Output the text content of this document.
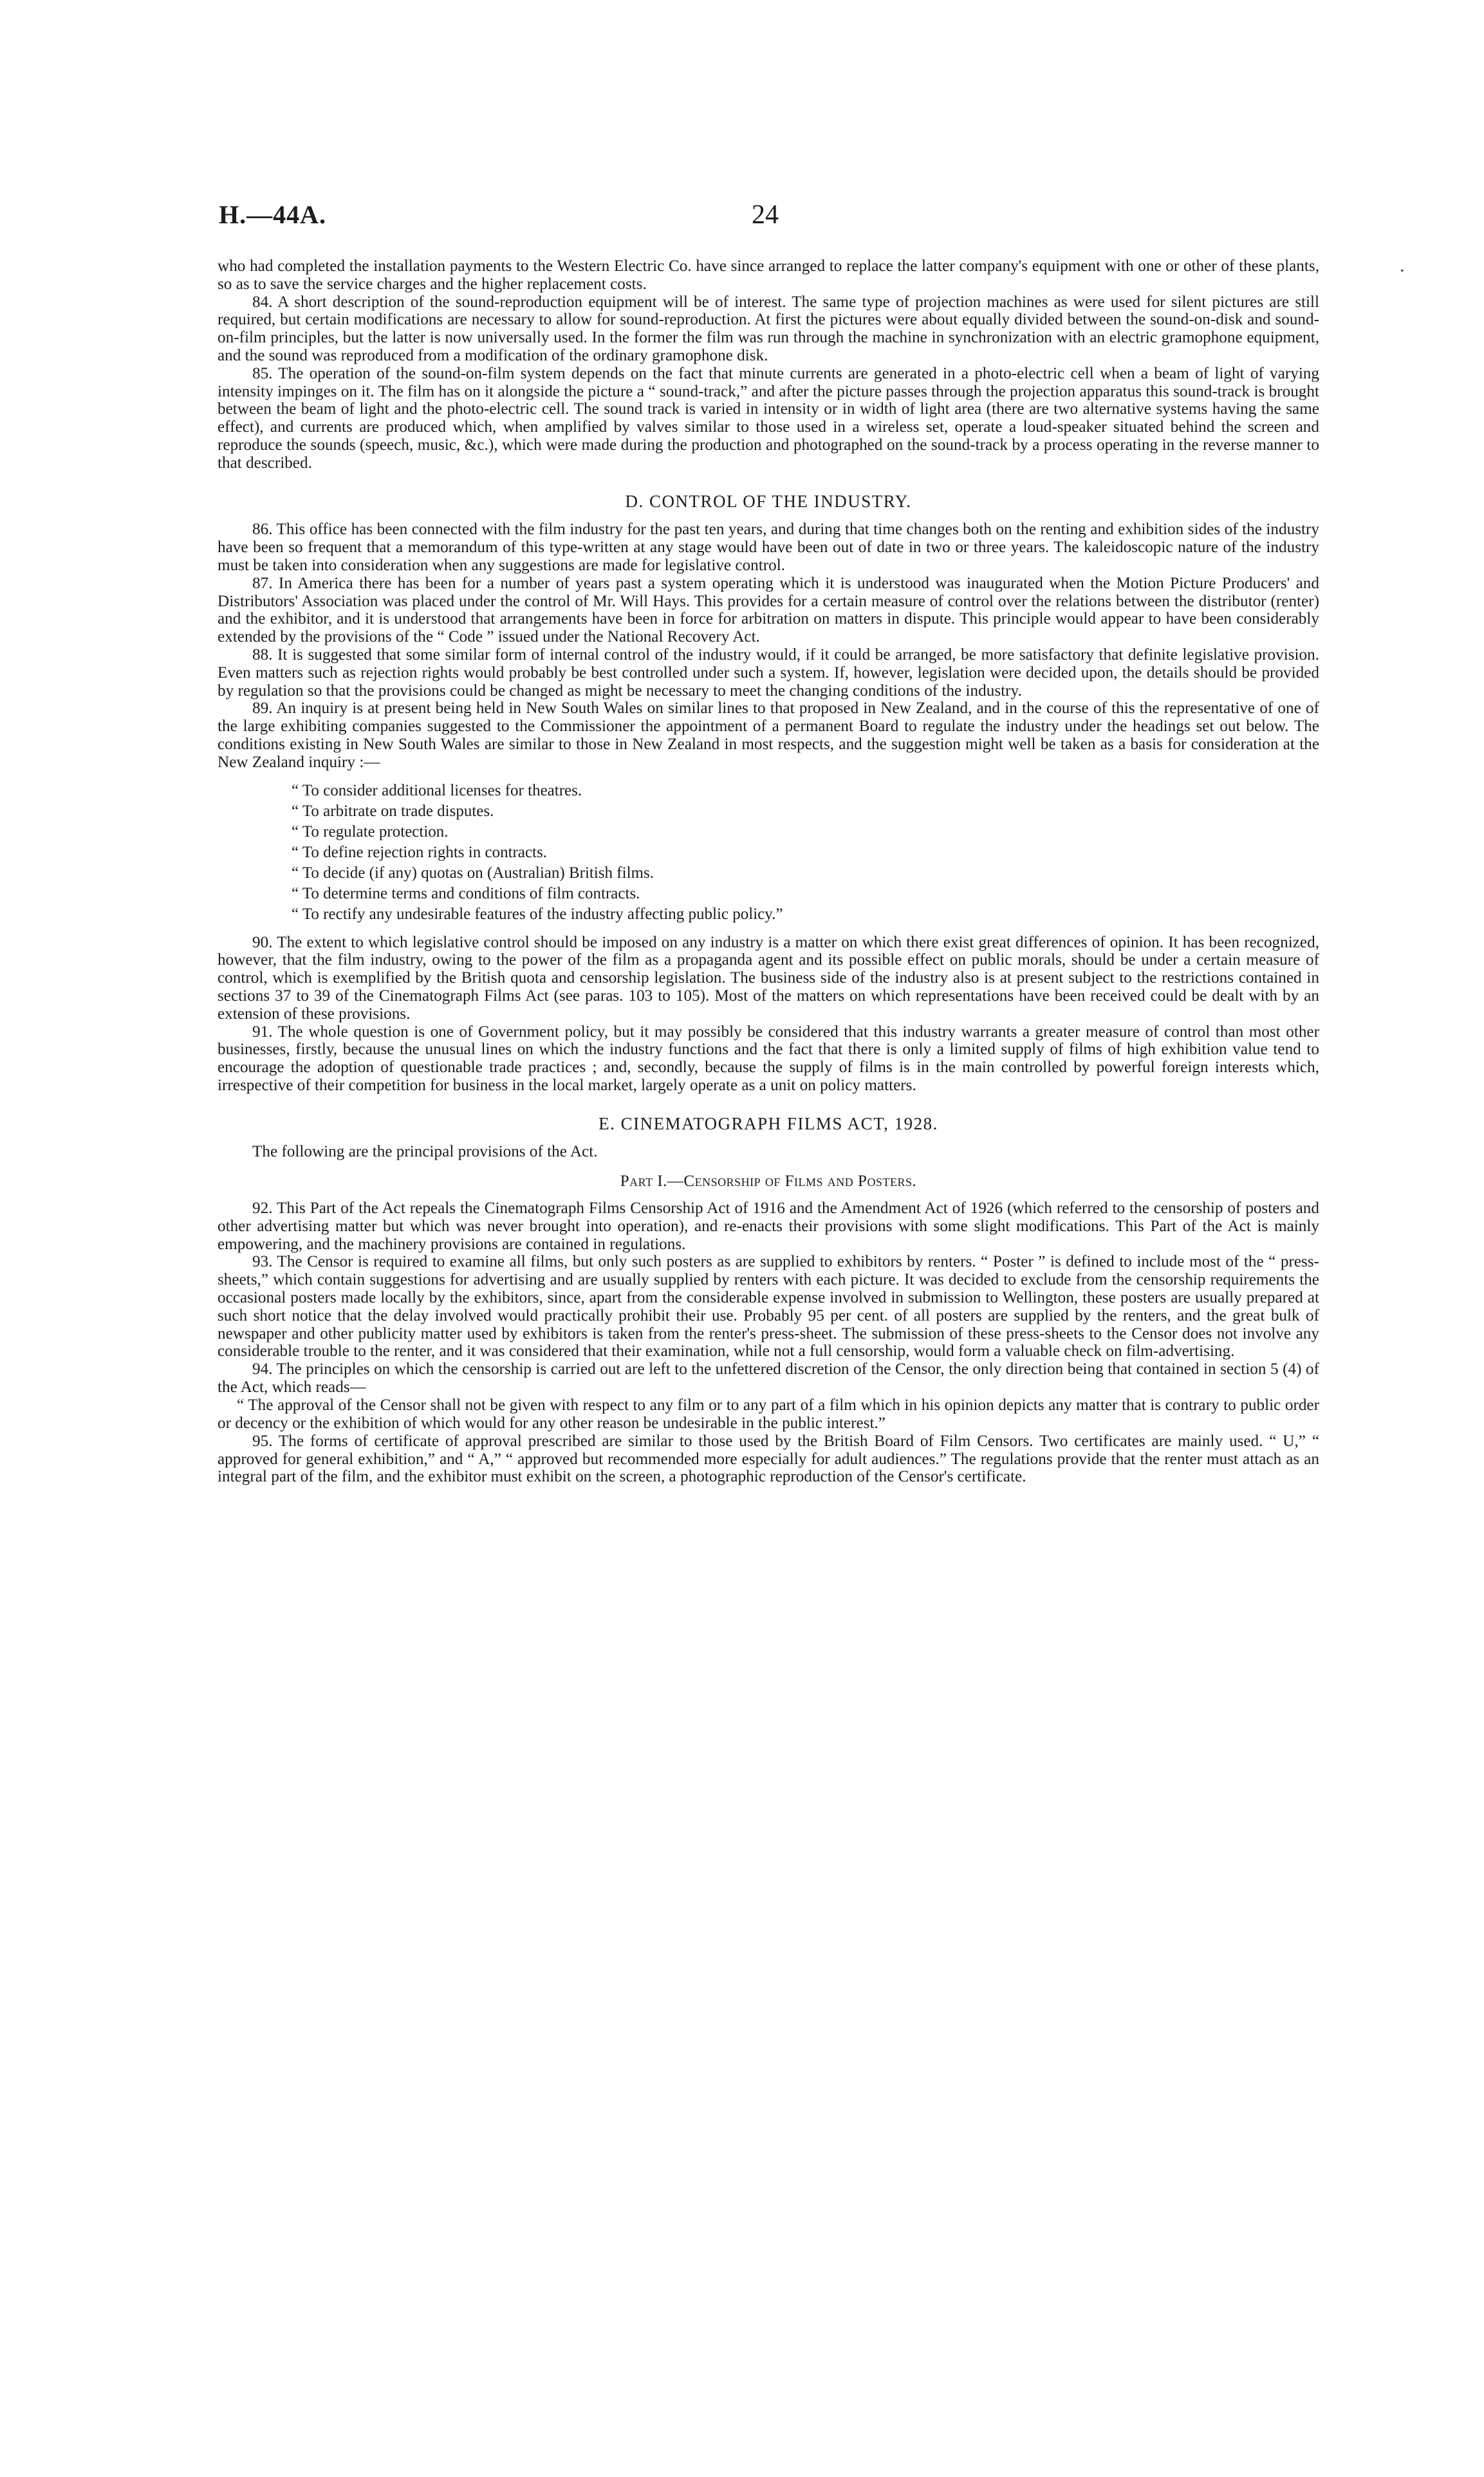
H.—44A.	24
•

who had completed the installation payments to the Western Electric Co. have since arranged to replace the latter company's equipment with one or other of these plants, so as to save the service charges and the higher replacement costs.

84. A short description of the sound-reproduction equipment will be of interest. The same type of projection machines as were used for silent pictures are still required, but certain modifications are necessary to allow for sound-reproduction. At first the pictures were about equally divided between the sound-on-disk and sound-on-film principles, but the latter is now universally used. In the former the film was run through the machine in synchronization with an electric gramophone equipment, and the sound was reproduced from a modification of the ordinary gramophone disk.

85. The operation of the sound-on-film system depends on the fact that minute currents are generated in a photo-electric cell when a beam of light of varying intensity impinges on it. The film has on it alongside the picture a “ sound-track,” and after the picture passes through the projection apparatus this sound-track is brought between the beam of light and the photo-electric cell. The sound track is varied in intensity or in width of light area (there are two alternative systems having the same effect), and currents are produced which, when amplified by valves similar to those used in a wireless set, operate a loud-speaker situated behind the screen and reproduce the sounds (speech, music, &c.), which were made during the production and photographed on the sound-track by a process operating in the reverse manner to that described.

D. CONTROL OF THE INDUSTRY.

86. This office has been connected with the film industry for the past ten years, and during that time changes both on the renting and exhibition sides of the industry have been so frequent that a memorandum of this type-written at any stage would have been out of date in two or three years. The kaleidoscopic nature of the industry must be taken into consideration when any suggestions are made for legislative control.

87. In America there has been for a number of years past a system operating which it is understood was inaugurated when the Motion Picture Producers' and Distributors' Association was placed under the control of Mr. Will Hays. This provides for a certain measure of control over the relations between the distributor (renter) and the exhibitor, and it is understood that arrangements have been in force for arbitration on matters in dispute. This principle would appear to have been considerably extended by the provisions of the “ Code ” issued under the National Recovery Act.

88. It is suggested that some similar form of internal control of the industry would, if it could be arranged, be more satisfactory that definite legislative provision. Even matters such as rejection rights would probably be best controlled under such a system. If, however, legislation were decided upon, the details should be provided by regulation so that the provisions could be changed as might be necessary to meet the changing conditions of the industry.

89. An inquiry is at present being held in New South Wales on similar lines to that proposed in New Zealand, and in the course of this the representative of one of the large exhibiting companies suggested to the Commissioner the appointment of a permanent Board to regulate the industry under the headings set out below. The conditions existing in New South Wales are similar to those in New Zealand in most respects, and the suggestion might well be taken as a basis for consideration at the New Zealand inquiry :—

“ To consider additional licenses for theatres.
“ To arbitrate on trade disputes.
“ To regulate protection.
“ To define rejection rights in contracts.
“ To decide (if any) quotas on (Australian) British films.
“ To determine terms and conditions of film contracts.
“ To rectify any undesirable features of the industry affecting public policy.”

90. The extent to which legislative control should be imposed on any industry is a matter on which there exist great differences of opinion. It has been recognized, however, that the film industry, owing to the power of the film as a propaganda agent and its possible effect on public morals, should be under a certain measure of control, which is exemplified by the British quota and censorship legislation. The business side of the industry also is at present subject to the restrictions contained in sections 37 to 39 of the Cinematograph Films Act (see paras. 103 to 105). Most of the matters on which representations have been received could be dealt with by an extension of these provisions.

91. The whole question is one of Government policy, but it may possibly be considered that this industry warrants a greater measure of control than most other businesses, firstly, because the unusual lines on which the industry functions and the fact that there is only a limited supply of films of high exhibition value tend to encourage the adoption of questionable trade practices ; and, secondly, because the supply of films is in the main controlled by powerful foreign interests which, irrespective of their competition for business in the local market, largely operate as a unit on policy matters.

E. CINEMATOGRAPH FILMS ACT, 1928.

The following are the principal provisions of the Act.

Part I.—Censorship of Films and Posters.

92. This Part of the Act repeals the Cinematograph Films Censorship Act of 1916 and the Amendment Act of 1926 (which referred to the censorship of posters and other advertising matter but which was never brought into operation), and re-enacts their provisions with some slight modifications. This Part of the Act is mainly empowering, and the machinery provisions are contained in regulations.

93. The Censor is required to examine all films, but only such posters as are supplied to exhibitors by renters. “ Poster ” is defined to include most of the “ press-sheets,” which contain suggestions for advertising and are usually supplied by renters with each picture. It was decided to exclude from the censorship requirements the occasional posters made locally by the exhibitors, since, apart from the considerable expense involved in submission to Wellington, these posters are usually prepared at such short notice that the delay involved would practically prohibit their use. Probably 95 per cent. of all posters are supplied by the renters, and the great bulk of newspaper and other publicity matter used by exhibitors is taken from the renter's press-sheet. The submission of these press-sheets to the Censor does not involve any considerable trouble to the renter, and it was considered that their examination, while not a full censorship, would form a valuable check on film-advertising.

94. The principles on which the censorship is carried out are left to the unfettered discretion of the Censor, the only direction being that contained in section 5 (4) of the Act, which reads—

“ The approval of the Censor shall not be given with respect to any film or to any part of a film which in his opinion depicts any matter that is contrary to public order or decency or the exhibition of which would for any other reason be undesirable in the public interest.”

95. The forms of certificate of approval prescribed are similar to those used by the British Board of Film Censors. Two certificates are mainly used. “ U,” “ approved for general exhibition,” and “ A,” “ approved but recommended more especially for adult audiences.” The regulations provide that the renter must attach as an integral part of the film, and the exhibitor must exhibit on the screen, a photographic reproduction of the Censor's certificate.
